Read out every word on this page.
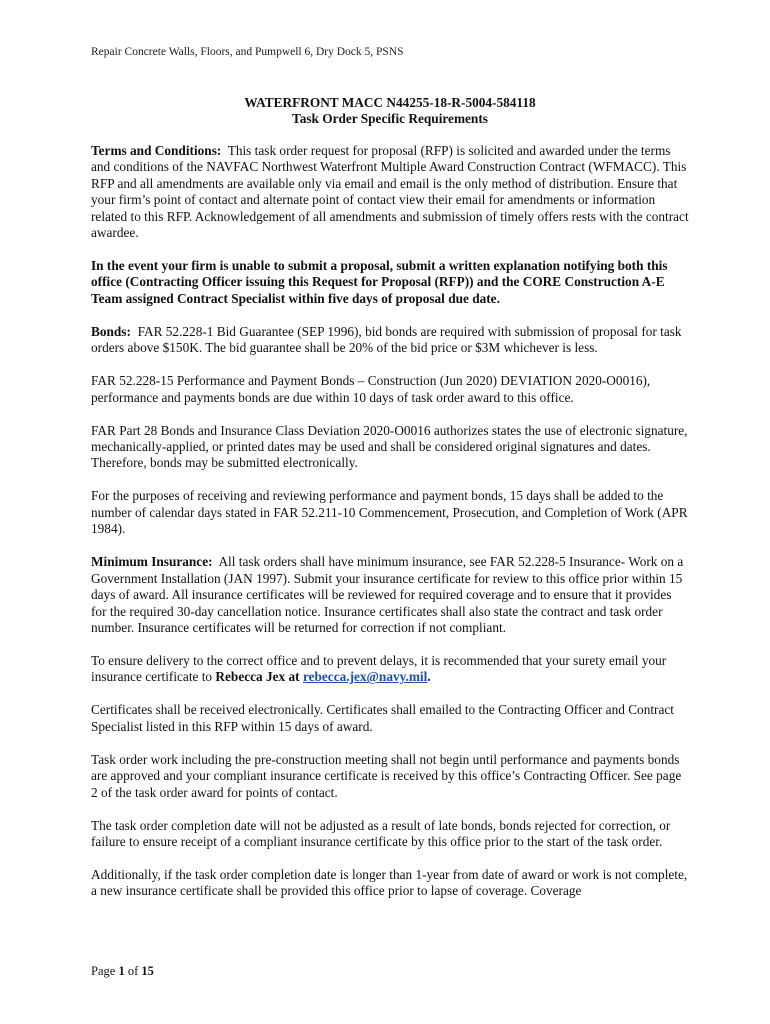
Repair Concrete Walls, Floors, and Pumpwell 6, Dry Dock 5, PSNS
WATERFRONT MACC N44255-18-R-5004-584118
Task Order Specific Requirements

Terms and Conditions: This task order request for proposal (RFP) is solicited and awarded under the terms and conditions of the NAVFAC Northwest Waterfront Multiple Award Construction Contract (WFMACC). This RFP and all amendments are available only via email and email is the only method of distribution. Ensure that your firm’s point of contact and alternate point of contact view their email for amendments or information related to this RFP. Acknowledgement of all amendments and submission of timely offers rests with the contract awardee.

In the event your firm is unable to submit a proposal, submit a written explanation notifying both this office (Contracting Officer issuing this Request for Proposal (RFP)) and the CORE Construction A-E Team assigned Contract Specialist within five days of proposal due date.

Bonds: FAR 52.228-1 Bid Guarantee (SEP 1996), bid bonds are required with submission of proposal for task orders above $150K. The bid guarantee shall be 20% of the bid price or $3M whichever is less.

FAR 52.228-15 Performance and Payment Bonds – Construction (Jun 2020) DEVIATION 2020-O0016), performance and payments bonds are due within 10 days of task order award to this office.

FAR Part 28 Bonds and Insurance Class Deviation 2020-O0016 authorizes states the use of electronic signature, mechanically-applied, or printed dates may be used and shall be considered original signatures and dates. Therefore, bonds may be submitted electronically.

For the purposes of receiving and reviewing performance and payment bonds, 15 days shall be added to the number of calendar days stated in FAR 52.211-10 Commencement, Prosecution, and Completion of Work (APR 1984).

Minimum Insurance: All task orders shall have minimum insurance, see FAR 52.228-5 Insurance- Work on a Government Installation (JAN 1997). Submit your insurance certificate for review to this office prior within 15 days of award. All insurance certificates will be reviewed for required coverage and to ensure that it provides for the required 30-day cancellation notice. Insurance certificates shall also state the contract and task order number. Insurance certificates will be returned for correction if not compliant.

To ensure delivery to the correct office and to prevent delays, it is recommended that your surety email your insurance certificate to Rebecca Jex at rebecca.jex@navy.mil.

Certificates shall be received electronically. Certificates shall emailed to the Contracting Officer and Contract Specialist listed in this RFP within 15 days of award.

Task order work including the pre-construction meeting shall not begin until performance and payments bonds are approved and your compliant insurance certificate is received by this office’s Contracting Officer. See page 2 of the task order award for points of contact.

The task order completion date will not be adjusted as a result of late bonds, bonds rejected for correction, or failure to ensure receipt of a compliant insurance certificate by this office prior to the start of the task order.

Additionally, if the task order completion date is longer than 1-year from date of award or work is not complete, a new insurance certificate shall be provided this office prior to lapse of coverage. Coverage

Page 1 of 15
